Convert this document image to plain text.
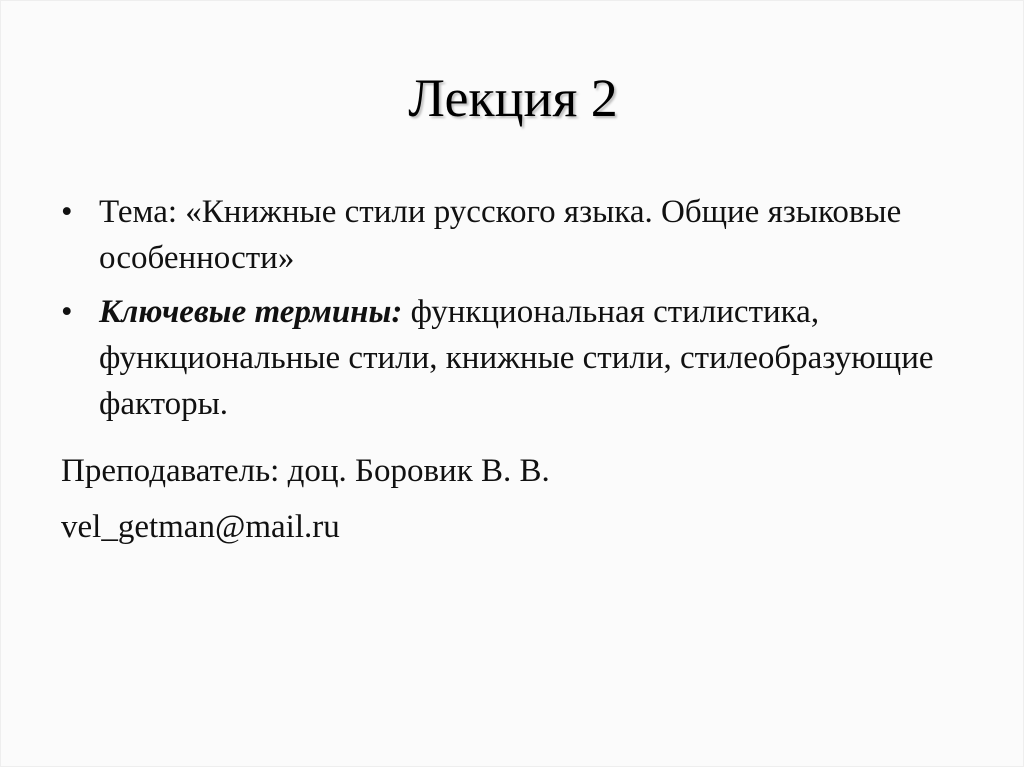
Лекция 2
• Тема: «Книжные стили русского языка. Общие языковые особенности»
• Ключевые термины: функциональная стилистика, функциональные стили, книжные стили, стилеобразующие факторы.
Преподаватель: доц. Боровик В. В.
vel_getman@mail.ru
